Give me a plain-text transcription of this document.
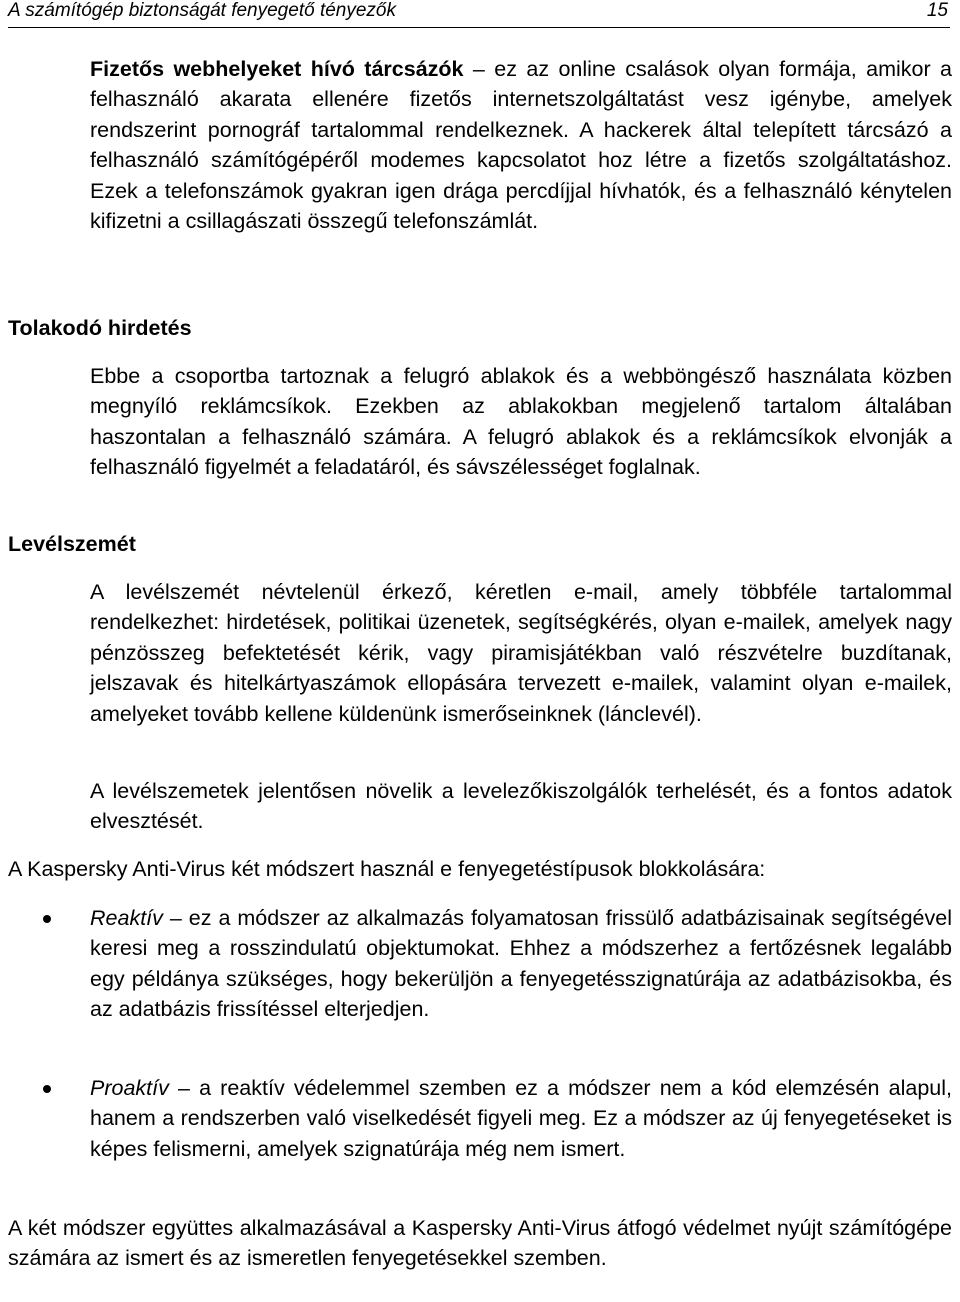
A számítógép biztonságát fenyegető tényezők	15

Fizetős webhelyeket hívó tárcsázók – ez az online csalások olyan formája, amikor a felhasználó akarata ellenére fizetős internetszolgáltatást vesz igénybe, amelyek rendszerint pornográf tartalommal rendelkeznek. A hackerek által telepített tárcsázó a felhasználó számítógépéről modemes kapcsolatot hoz létre a fizetős szolgáltatáshoz. Ezek a telefonszámok gyakran igen drága percdíjjal hívhatók, és a felhasználó kénytelen kifizetni a csillagászati összegű telefonszámlát.

Tolakodó hirdetés

Ebbe a csoportba tartoznak a felugró ablakok és a webböngésző használata közben megnyíló reklámcsíkok. Ezekben az ablakokban megjelenő tartalom általában haszontalan a felhasználó számára. A felugró ablakok és a reklámcsíkok elvonják a felhasználó figyelmét a feladatáról, és sávszélességet foglalnak.

Levélszemét

A levélszemét névtelenül érkező, kéretlen e-mail, amely többféle tartalommal rendelkezhet: hirdetések, politikai üzenetek, segítségkérés, olyan e-mailek, amelyek nagy pénzösszeg befektetését kérik, vagy piramisjátékban való részvételre buzdítanak, jelszavak és hitelkártyaszámok ellopására tervezett e-mailek, valamint olyan e-mailek, amelyeket tovább kellene küldenünk ismerőseinknek (lánclevél).

A levélszemetek jelentősen növelik a levelezőkiszolgálók terhelését, és a fontos adatok elvesztését.

A Kaspersky Anti-Virus két módszert használ e fenyegetéstípusok blokkolására:

Reaktív – ez a módszer az alkalmazás folyamatosan frissülő adatbázisainak segítségével keresi meg a rosszindulatú objektumokat. Ehhez a módszerhez a fertőzésnek legalább egy példánya szükséges, hogy bekerüljön a fenyegetésszignatúrája az adatbázisokba, és az adatbázis frissítéssel elterjedjen.

Proaktív – a reaktív védelemmel szemben ez a módszer nem a kód elemzésén alapul, hanem a rendszerben való viselkedését figyeli meg. Ez a módszer az új fenyegetéseket is képes felismerni, amelyek szignatúrája még nem ismert.

A két módszer együttes alkalmazásával a Kaspersky Anti-Virus átfogó védelmet nyújt számítógépe számára az ismert és az ismeretlen fenyegetésekkel szemben.
